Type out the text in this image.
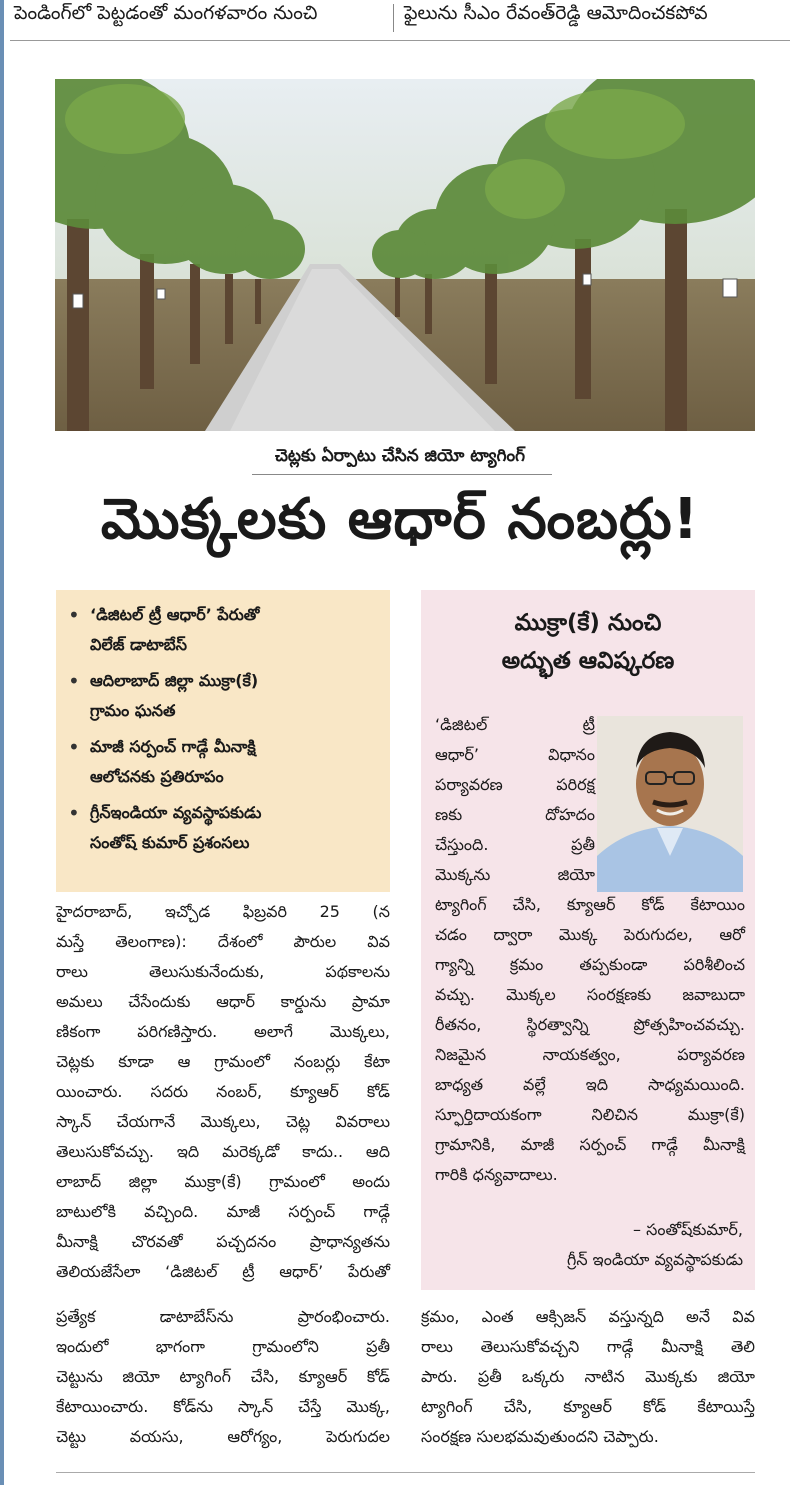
పెండింగ్‌లో పెట్టడంతో మంగళవారం నుంచి	ఫైలును సీఎం రేవంత్‌రెడ్డి ఆమోదించకపోవ
చెట్లకు ఏర్పాటు చేసిన జియో ట్యాగింగ్
మొక్కలకు ఆధార్ నంబర్లు!
• ‘డిజిటల్ ట్రీ ఆధార్’ పేరుతో
విలేజ్ డాటాబేస్
• ఆదిలాబాద్ జిల్లా ముక్రా(కే)
గ్రామం ఘనత
• మాజీ సర్పంచ్ గాడ్గే మీనాక్షి
ఆలోచనకు ప్రతిరూపం
• గ్రీన్‌ఇండియా వ్యవస్థాపకుడు
సంతోష్ కుమార్ ప్రశంసలు
ముక్రా(కే) నుంచి
అద్భుత ఆవిష్కరణ
‘డిజిటల్ ట్రీ
ఆధార్’ విధానం
పర్యావరణ పరిరక్ష
ణకు దోహదం
చేస్తుంది. ప్రతీ
మొక్కను జియో
ట్యాగింగ్ చేసి, క్యూఆర్ కోడ్ కేటాయిం
చడం ద్వారా మొక్క పెరుగుదల, ఆరో
గ్యాన్ని క్రమం తప్పకుండా పరిశీలించ
వచ్చు. మొక్కల సంరక్షణకు జవాబుదా
రీతనం, స్థిరత్వాన్ని ప్రోత్సహించవచ్చు.
నిజమైన నాయకత్వం, పర్యావరణ
బాధ్యత వల్లే ఇది సాధ్యమయింది.
స్ఫూర్తిదాయకంగా నిలిచిన ముక్రా(కే)
గ్రామానికి, మాజీ సర్పంచ్ గాడ్గే మీనాక్షి
గారికి ధన్యవాదాలు.
– సంతోష్‌కుమార్,
గ్రీన్ ఇండియా వ్యవస్థాపకుడు
హైదరాబాద్, ఇచ్చోడ ఫిబ్రవరి 25 (న
మస్తే తెలంగాణ): దేశంలో పౌరుల వివ
రాలు తెలుసుకునేందుకు, పథకాలను
అమలు చేసేందుకు ఆధార్ కార్డును ప్రామా
ణికంగా పరిగణిస్తారు. అలాగే మొక్కలు,
చెట్లకు కూడా ఆ గ్రామంలో నంబర్లు కేటా
యించారు. సదరు నంబర్, క్యూఆర్ కోడ్
స్కాన్ చేయగానే మొక్కలు, చెట్ల వివరాలు
తెలుసుకోవచ్చు. ఇది మరెక్కడో కాదు.. ఆది
లాబాద్ జిల్లా ముక్రా(కే) గ్రామంలో అందు
బాటులోకి వచ్చింది. మాజీ సర్పంచ్ గాడ్గే
మీనాక్షి చొరవతో పచ్చదనం ప్రాధాన్యతను
తెలియజేసేలా ‘డిజిటల్ ట్రీ ఆధార్’ పేరుతో
ప్రత్యేక డాటాబేస్‌ను ప్రారంభించారు.
ఇందులో భాగంగా గ్రామంలోని ప్రతీ
చెట్టును జియో ట్యాగింగ్ చేసి, క్యూఆర్ కోడ్
కేటాయించారు. కోడ్‌ను స్కాన్ చేస్తే మొక్క,
చెట్టు వయసు, ఆరోగ్యం, పెరుగుదల
క్రమం, ఎంత ఆక్సిజన్ వస్తున్నది అనే వివ
రాలు తెలుసుకోవచ్చని గాడ్గే మీనాక్షి తెలి
పారు. ప్రతీ ఒక్కరు నాటిన మొక్కకు జియో
ట్యాగింగ్ చేసి, క్యూఆర్ కోడ్ కేటాయిస్తే
సంరక్షణ సులభమవుతుందని చెప్పారు.
